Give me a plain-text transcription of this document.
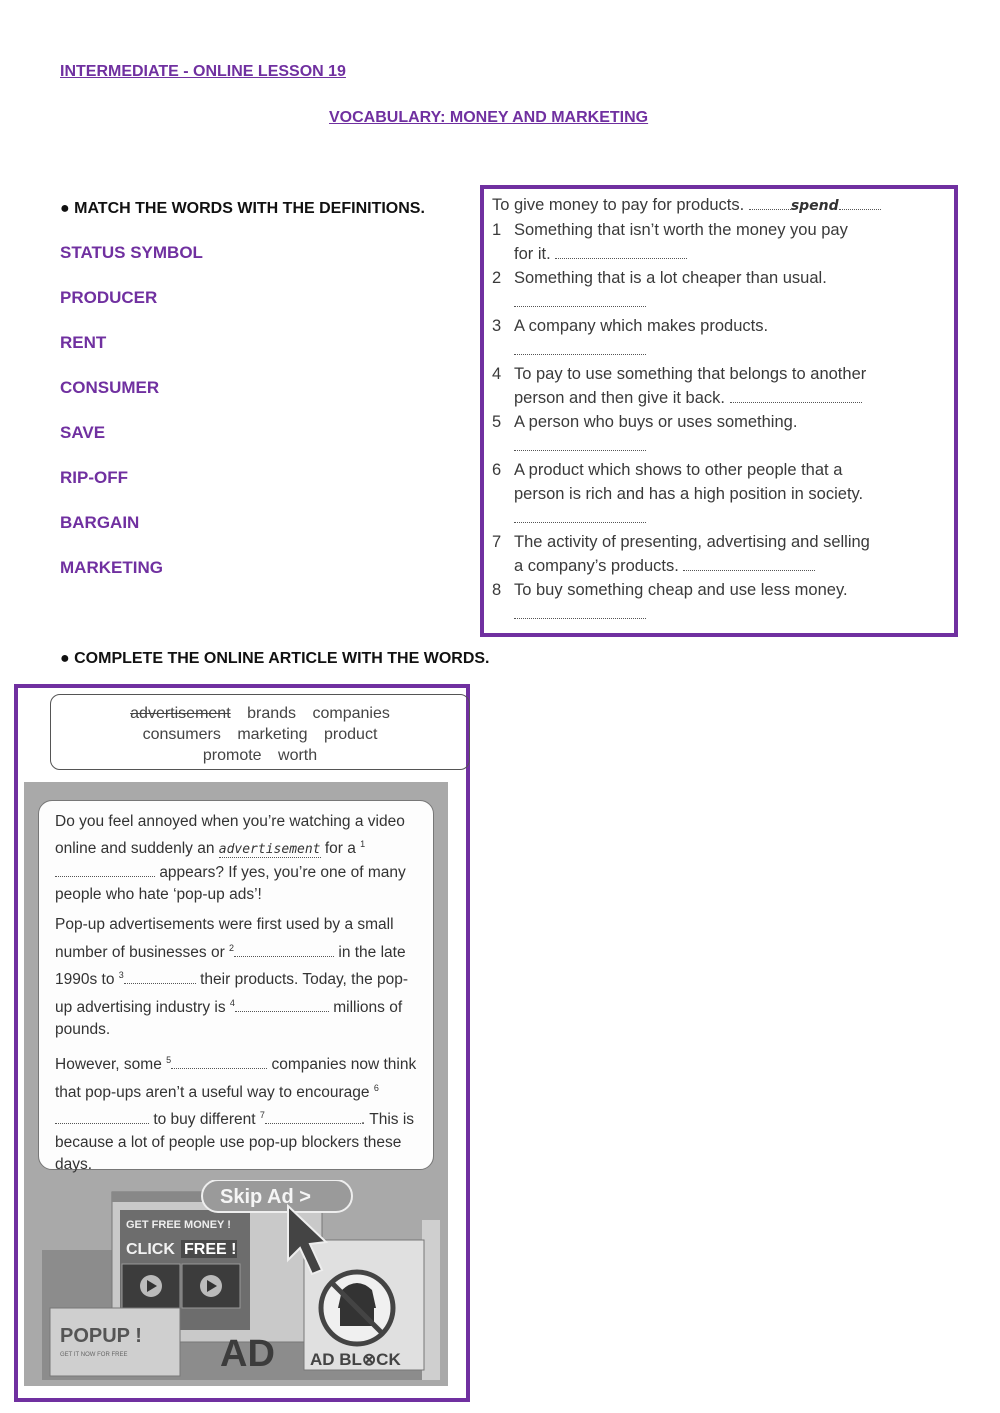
INTERMEDIATE - ONLINE LESSON 19
VOCABULARY: MONEY AND MARKETING
● MATCH THE WORDS WITH THE DEFINITIONS.
STATUS SYMBOL
PRODUCER
RENT
CONSUMER
SAVE
RIP-OFF
BARGAIN
MARKETING
To give money to pay for products.	spend
1 Something that isn’t worth the money you pay
for it.
2 Something that is a lot cheaper than usual.
3 A company which makes products.
4 To pay to use something that belongs to another
person and then give it back.
5 A person who buys or uses something.
6 A product which shows to other people that a
person is rich and has a high position in society.
7 The activity of presenting, advertising and selling
a company’s products.
8 To buy something cheap and use less money.
● COMPLETE THE ONLINE ARTICLE WITH THE WORDS.
advertisement brands companies
consumers marketing product
promote worth

Do you feel annoyed when you’re watching a video online and suddenly an advertisement for a $^1$ appears? If yes, you’re one of many people who hate ‘pop-up ads’!

Pop-up advertisements were first used by a small number of businesses or $^2$	in the late 1990s to $^3$	their products. Today, the pop-up advertising industry is $^4$	millions of pounds.

However, some $^5$	companies now think that pop-ups aren’t a useful way to encourage $^6$ to buy different $^7$	. This is because a lot of people use pop-up blockers these days.

GET FREE MONEY !
CLICK FREE !
AD BL⊗CK
Skip Ad >
POPUP !
GET IT NOW FOR FREE AD
